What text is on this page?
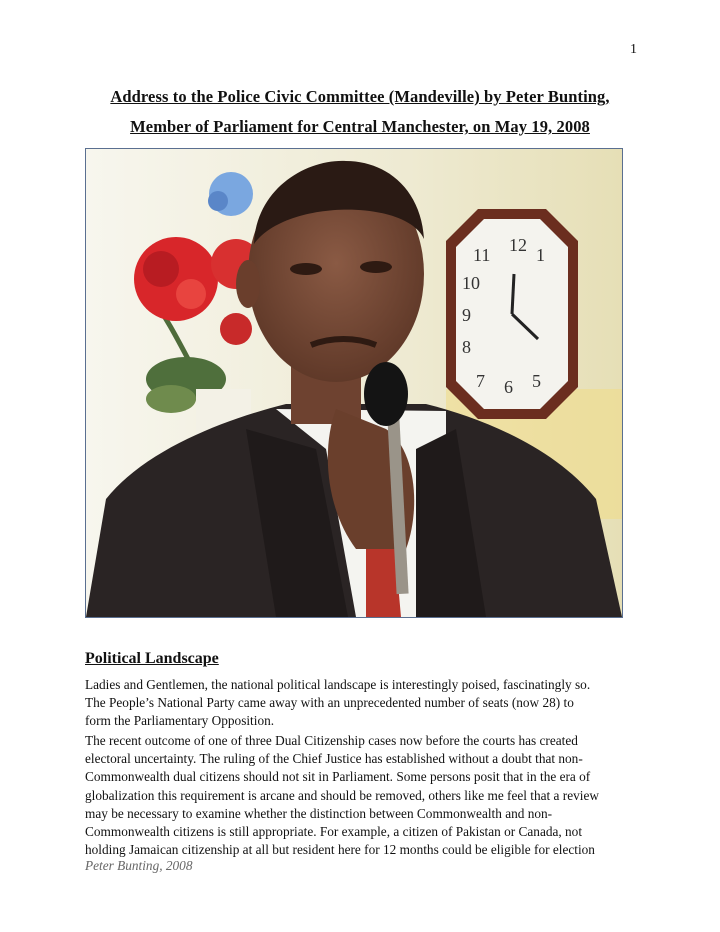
1
Address to the Police Civic Committee (Mandeville) by Peter Bunting,
Member of Parliament for Central Manchester, on May 19, 2008
12 1
11
10
9
8
7 6 5
Political Landscape
Ladies and Gentlemen, the national political landscape is interestingly poised, fascinatingly so.
The People’s National Party came away with an unprecedented number of seats (now 28) to
form the Parliamentary Opposition.
The recent outcome of one of three Dual Citizenship cases now before the courts has created
electoral uncertainty. The ruling of the Chief Justice has established without a doubt that non-
Commonwealth dual citizens should not sit in Parliament. Some persons posit that in the era of
globalization this requirement is arcane and should be removed, others like me feel that a review
may be necessary to examine whether the distinction between Commonwealth and non-
Commonwealth citizens is still appropriate. For example, a citizen of Pakistan or Canada, not
holding Jamaican citizenship at all but resident here for 12 months could be eligible for election
Peter Bunting, 2008
